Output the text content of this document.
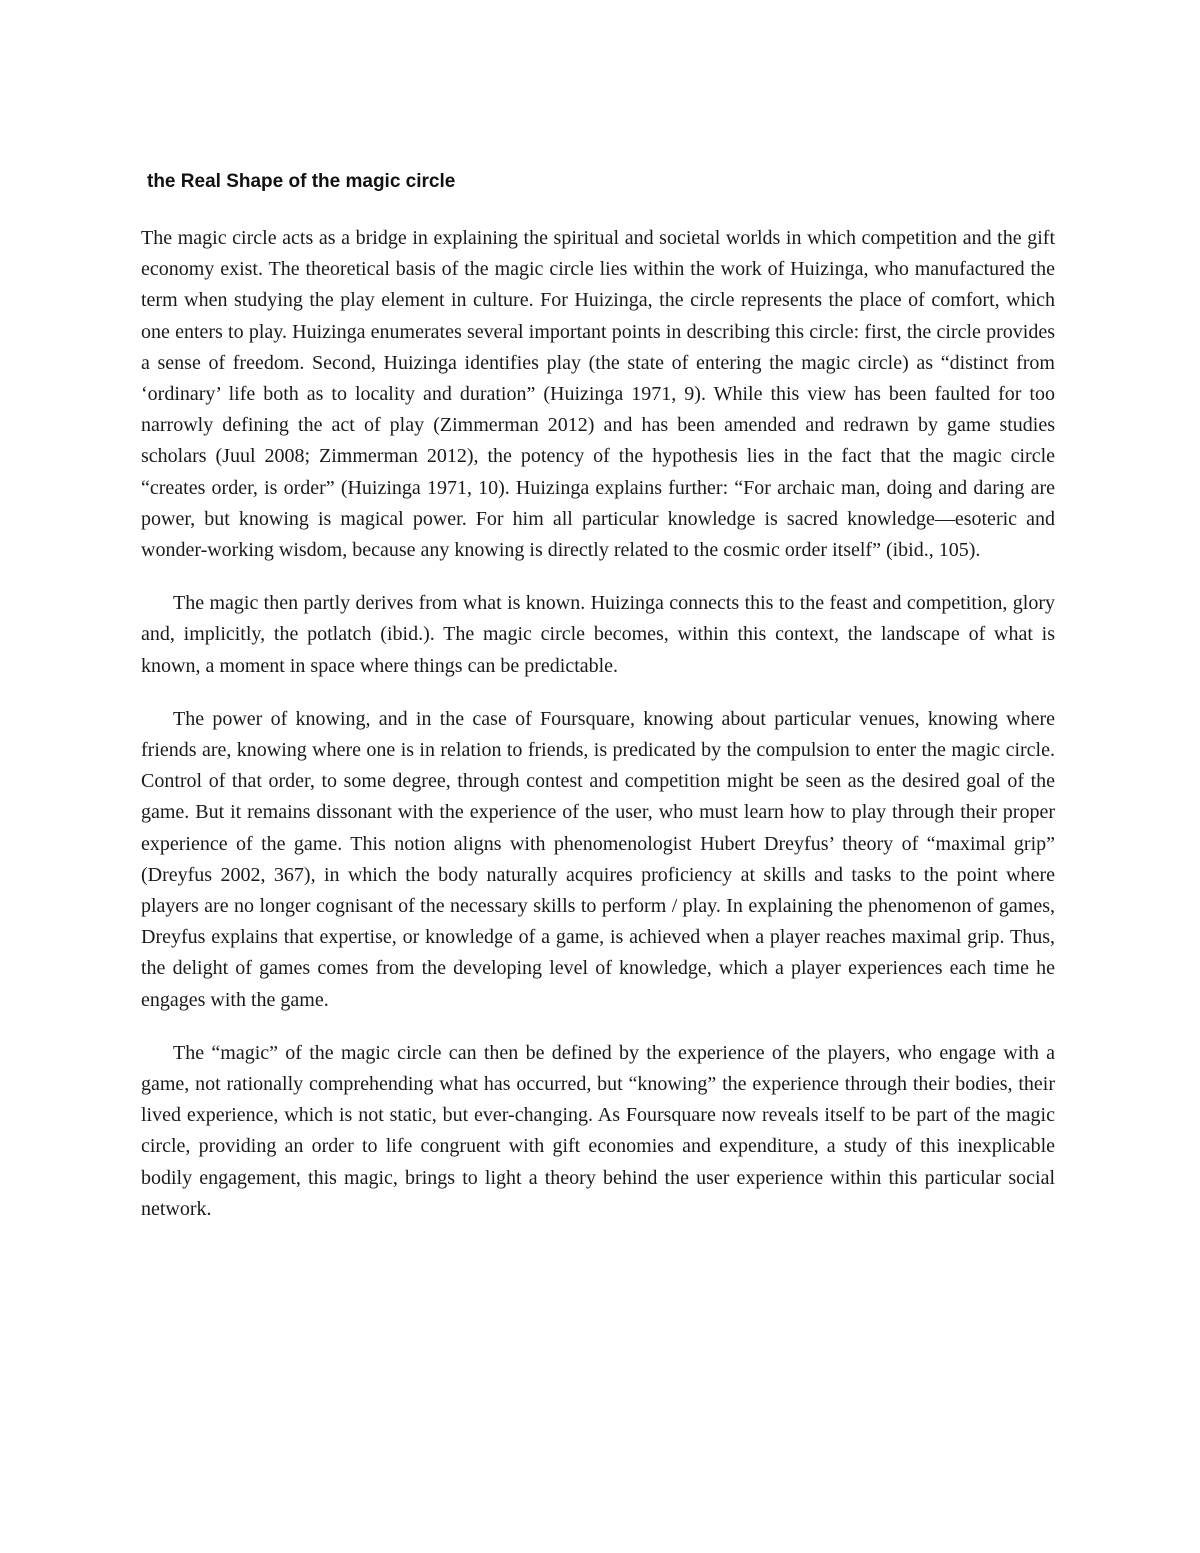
the Real Shape of the magic circle

The magic circle acts as a bridge in explaining the spiritual and societal worlds in which competition and the gift economy exist. The theoretical basis of the magic circle lies within the work of Huizinga, who manufactured the term when studying the play element in culture. For Huizinga, the circle represents the place of comfort, which one enters to play. Huizinga enumerates several important points in describing this circle: first, the circle provides a sense of freedom. Second, Huizinga identifies play (the state of entering the magic circle) as “distinct from ‘ordinary’ life both as to locality and duration” (Huizinga 1971, 9). While this view has been faulted for too narrowly defining the act of play (Zimmerman 2012) and has been amended and redrawn by game studies scholars (Juul 2008; Zimmerman 2012), the potency of the hypothesis lies in the fact that the magic circle “creates order, is order” (Huizinga 1971, 10). Huizinga explains further: “For archaic man, doing and daring are power, but knowing is magical power. For him all particular knowledge is sacred knowledge—esoteric and wonder-working wisdom, because any knowing is directly related to the cosmic order itself” (ibid., 105).

The magic then partly derives from what is known. Huizinga connects this to the feast and competition, glory and, implicitly, the potlatch (ibid.). The magic circle becomes, within this context, the landscape of what is known, a moment in space where things can be predictable.

The power of knowing, and in the case of Foursquare, knowing about particular venues, knowing where friends are, knowing where one is in relation to friends, is predicated by the compulsion to enter the magic circle. Control of that order, to some degree, through contest and competition might be seen as the desired goal of the game. But it remains dissonant with the experience of the user, who must learn how to play through their proper experience of the game. This notion aligns with phenomenologist Hubert Dreyfus’ theory of “maximal grip” (Dreyfus 2002, 367), in which the body naturally acquires proficiency at skills and tasks to the point where players are no longer cognisant of the necessary skills to perform / play. In explaining the phenomenon of games, Dreyfus explains that expertise, or knowledge of a game, is achieved when a player reaches maximal grip. Thus, the delight of games comes from the developing level of knowledge, which a player experiences each time he engages with the game.

The “magic” of the magic circle can then be defined by the experience of the players, who engage with a game, not rationally comprehending what has occurred, but “knowing” the experience through their bodies, their lived experience, which is not static, but ever-changing. As Foursquare now reveals itself to be part of the magic circle, providing an order to life congruent with gift economies and expenditure, a study of this inexplicable bodily engagement, this magic, brings to light a theory behind the user experience within this particular social network.
